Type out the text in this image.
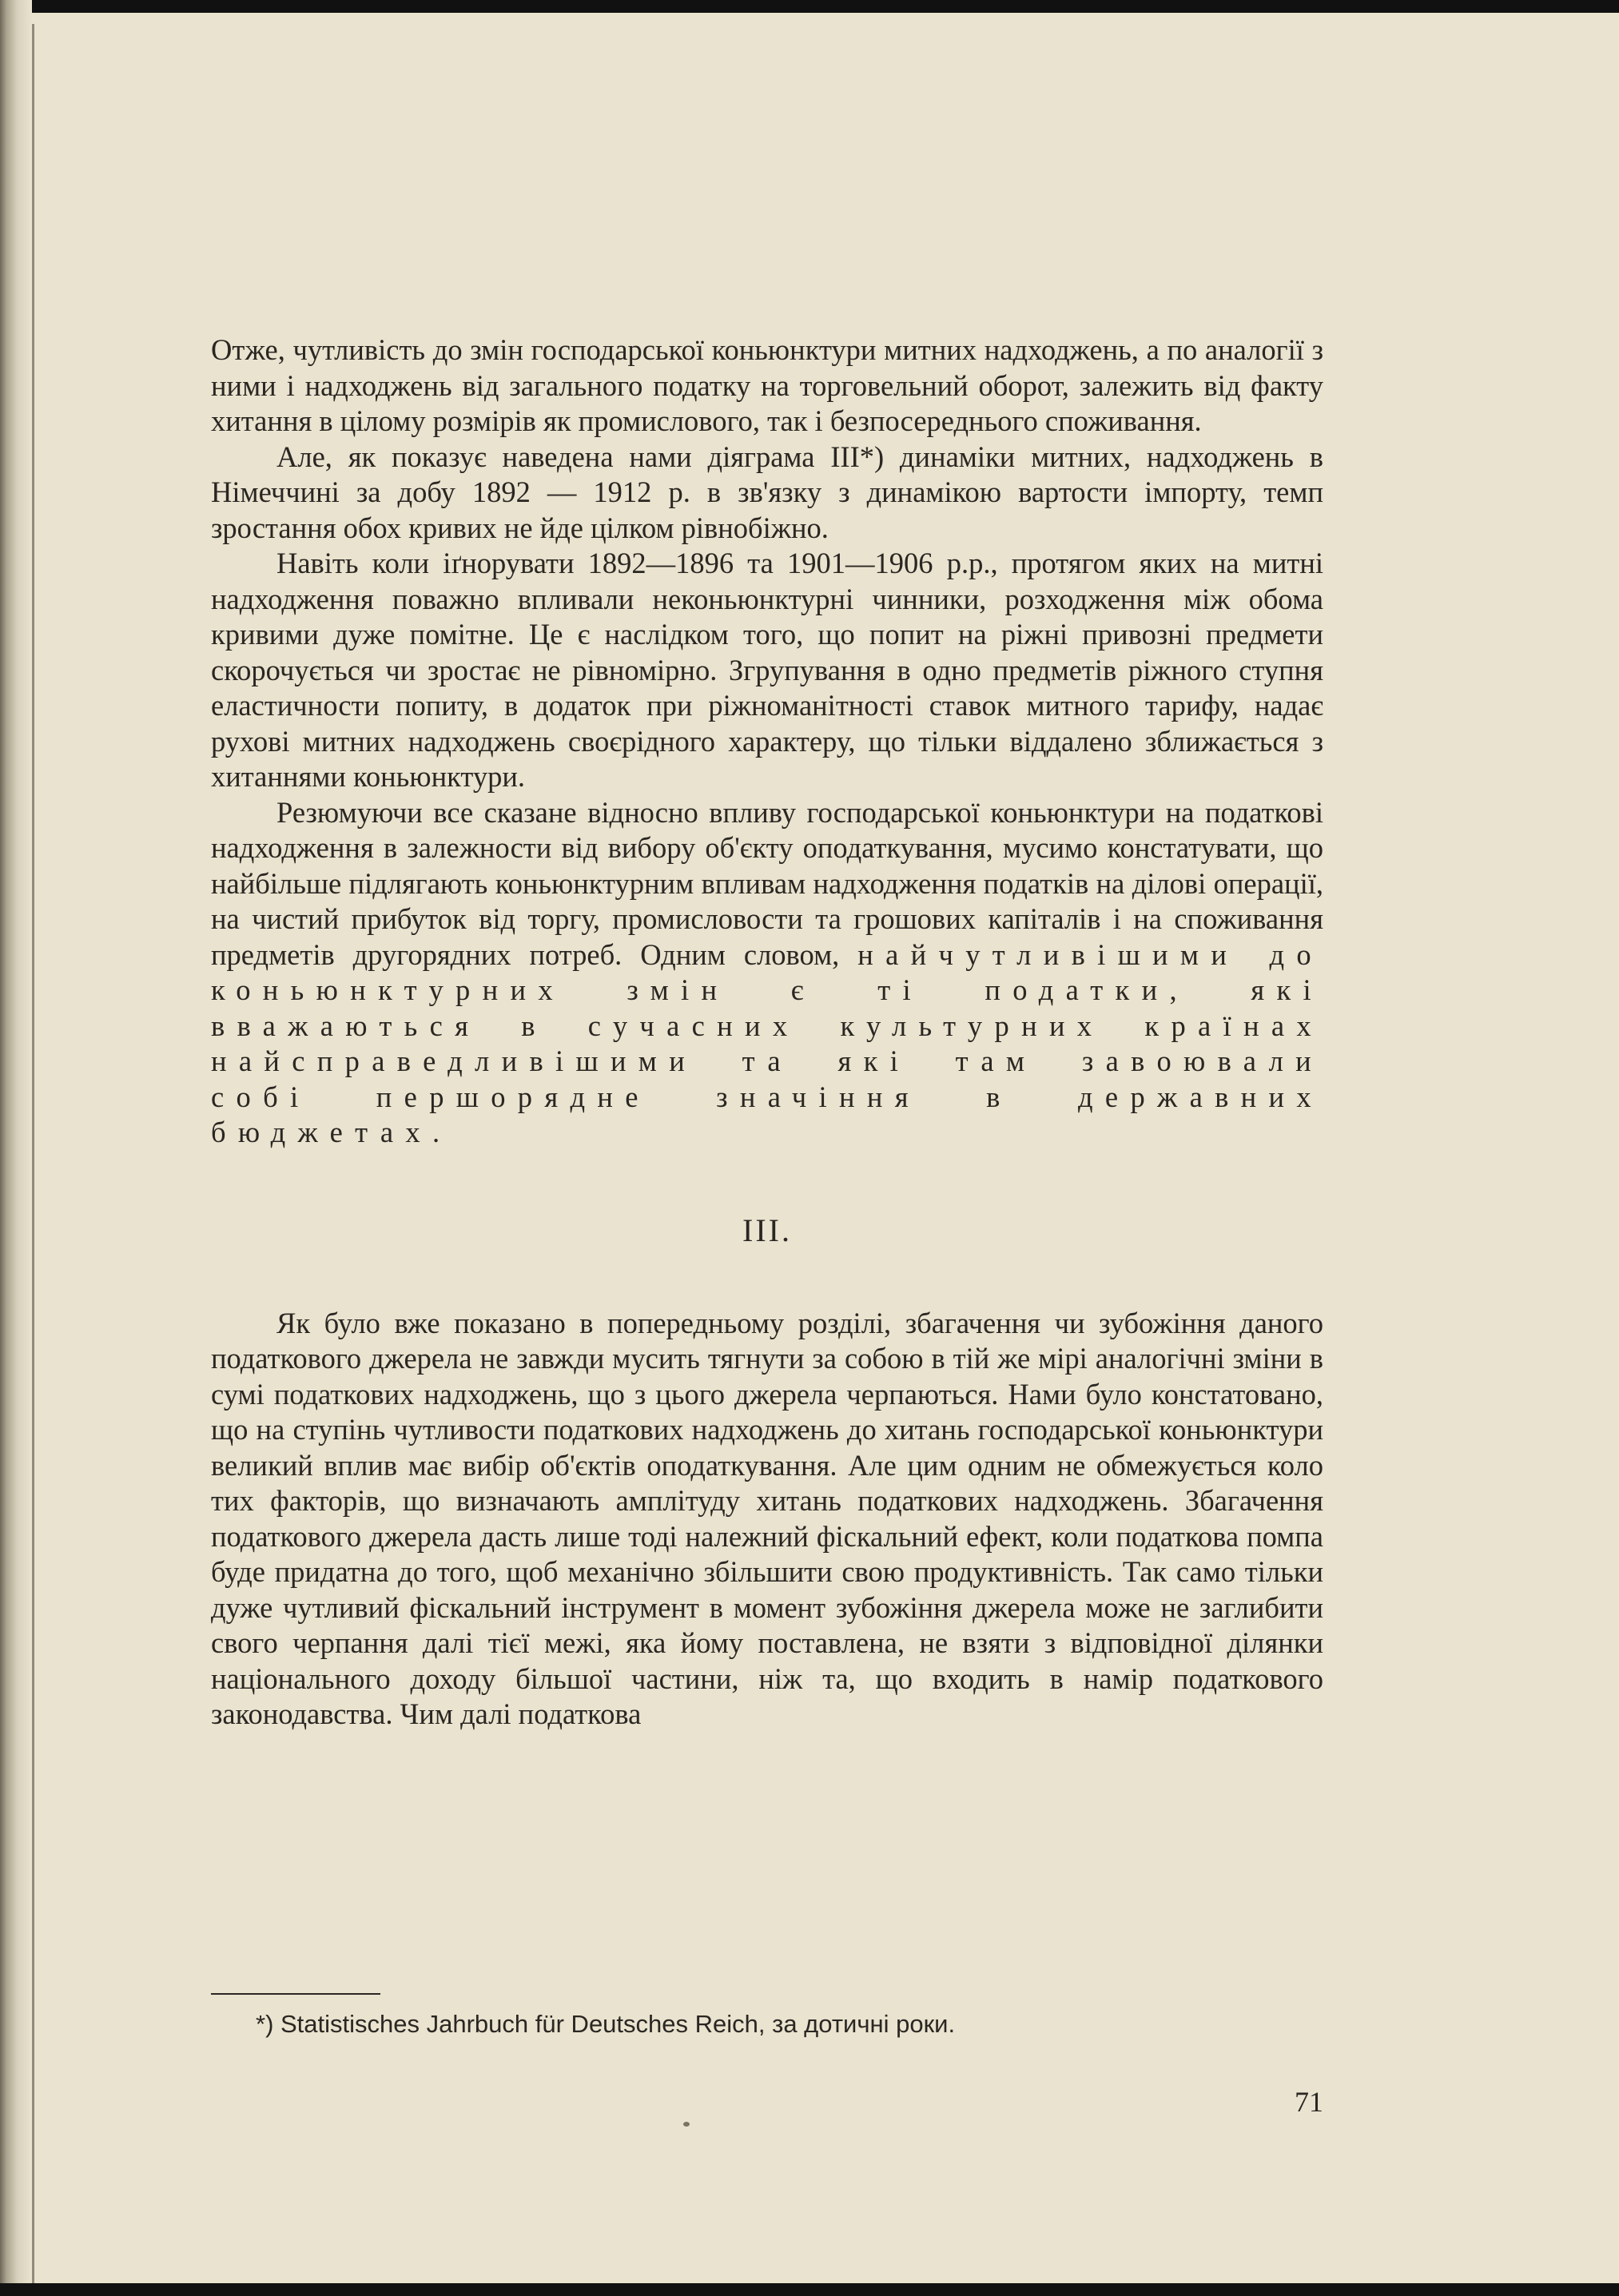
Отже, чутливість до змін господарської коньюнктури митних надходжень, а по аналогії з ними і надходжень від загального податку на торговельний оборот, залежить від факту хитання в цілому розмірів як промислового, так і безпосереднього споживання.

Але, як показує наведена нами діяграма III*) динаміки митних, надходжень в Німеччині за добу 1892 — 1912 р. в зв'язку з динамікою вартости імпорту, темп зростання обох кривих не йде цілком рівнобіжно.

Навіть коли іґнорувати 1892—1896 та 1901—1906 р.р., протягом яких на митні надходження поважно впливали неконьюнктурні чинники, розходження між обома кривими дуже помітне. Це є наслідком того, що попит на ріжні привозні предмети скорочується чи зростає не рівномірно. Згрупування в одно предметів ріжного ступня еластичности попиту, в додаток при ріжноманітності ставок митного тарифу, надає рухові митних надходжень своєрідного характеру, що тільки віддалено зближається з хитаннями коньюнктури.

Резюмуючи все сказане відносно впливу господарської коньюнктури на податкові надходження в залежности від вибору об'єкту оподаткування, мусимо констатувати, що найбільше підлягають коньюнктурним впливам надходження податків на ділові операції, на чистий прибуток від торгу, промисловости та грошових капіталів і на споживання предметів другорядних потреб. Одним словом, найчутливішими до коньюнктурних змін є ті податки, які вважаються в сучасних культурних країнах найсправедливішими та які там завоювали собі першорядне значіння в державних бюджетах.

III.

Як було вже показано в попередньому розділі, збагачення чи зубожіння даного податкового джерела не завжди мусить тягнути за собою в тій же мірі аналогічні зміни в сумі податкових надходжень, що з цього джерела черпаються. Нами було констатовано, що на ступінь чутливости податкових надходжень до хитань господарської коньюнктури великий вплив має вибір об'єктів оподаткування. Але цим одним не обмежується коло тих факторів, що визначають амплітуду хитань податкових надходжень. Збагачення податкового джерела дасть лише тоді належний фіскальний ефект, коли податкова помпа буде придатна до того, щоб механічно збільшити свою продуктивність. Так само тільки дуже чутливий фіскальний інструмент в момент зубожіння джерела може не заглибити свого черпання далі тієї межі, яка йому поставлена, не взяти з відповідної ділянки національного доходу більшої частини, ніж та, що входить в намір податкового законодавства. Чим далі податкова

*) Statistisches Jahrbuch für Deutsches Reich, за дотичні роки.
71
